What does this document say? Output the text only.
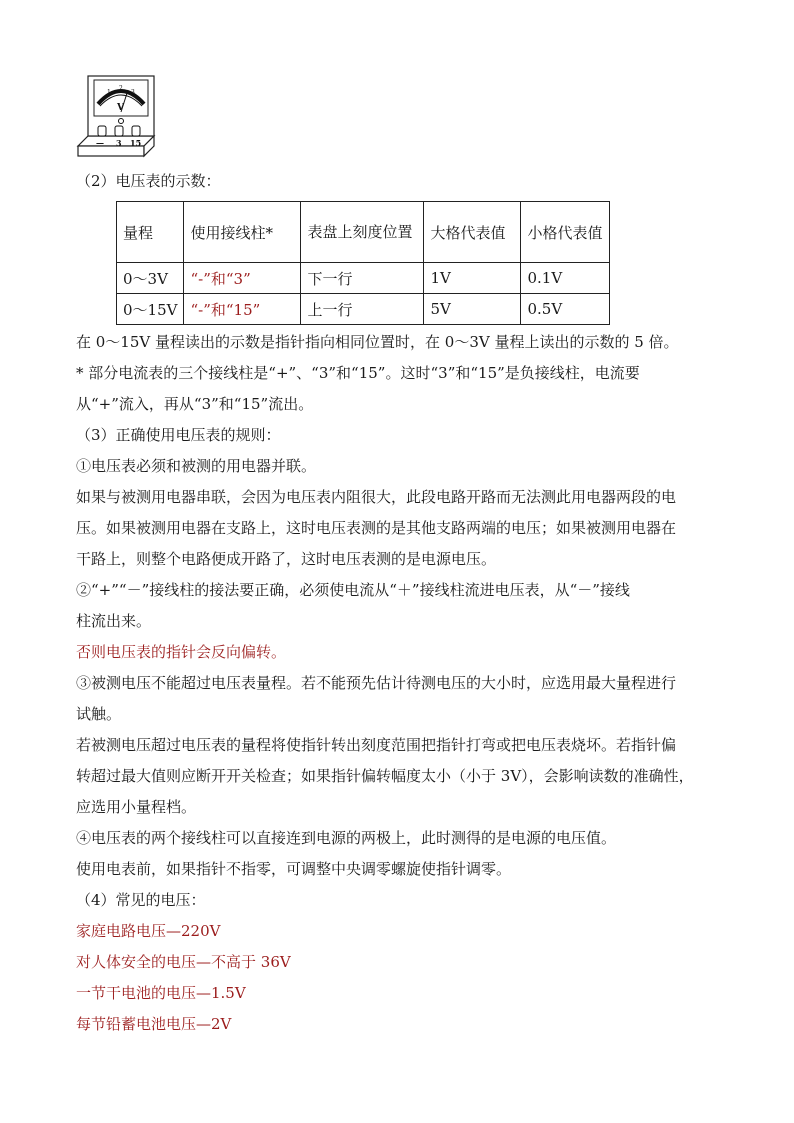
1
2
3
V
— 3 15
（2）电压表的示数：
量程	使用接线柱*	表盘上刻度位置	大格代表值	小格代表值
0～3V	“-”和“3”	下一行	1V	0.1V
0～15V	“-”和“15”	上一行	5V	0.5V
在 0～15V 量程读出的示数是指针指向相同位置时，在 0～3V 量程上读出的示数的 5 倍。
* 部分电流表的三个接线柱是“+”、“3”和“15”。这时“3”和“15”是负接线柱，电流要
从“+”流入，再从“3”和“15”流出。
（3）正确使用电压表的规则：
①电压表必须和被测的用电器并联。
如果与被测用电器串联，会因为电压表内阻很大，此段电路开路而无法测此用电器两段的电
压。如果被测用电器在支路上，这时电压表测的是其他支路两端的电压；如果被测用电器在
干路上，则整个电路便成开路了，这时电压表测的是电源电压。
②“+”“－”接线柱的接法要正确，必须使电流从“＋”接线柱流进电压表，从“－”接线
柱流出来。
否则电压表的指针会反向偏转。
③被测电压不能超过电压表量程。若不能预先估计待测电压的大小时，应选用最大量程进行
试触。
若被测电压超过电压表的量程将使指针转出刻度范围把指针打弯或把电压表烧坏。若指针偏
转超过最大值则应断开开关检查；如果指针偏转幅度太小（小于 3V），会影响读数的准确性，
应选用小量程档。
④电压表的两个接线柱可以直接连到电源的两极上，此时测得的是电源的电压值。
使用电表前，如果指针不指零，可调整中央调零螺旋使指针调零。
（4）常见的电压：
家庭电路电压—220V
对人体安全的电压—不高于 36V
一节干电池的电压—1.5V
每节铅蓄电池电压—2V
